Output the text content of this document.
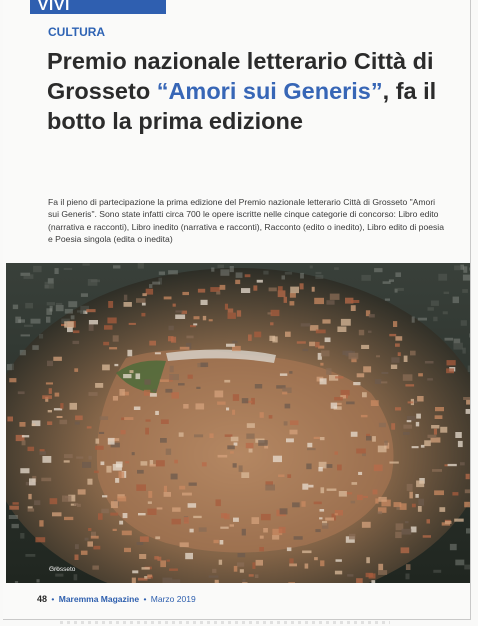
VIVI
CULTURA
Premio nazionale letterario Città di Grosseto “Amori sui Generis”, fa il botto la prima edizione

Fa il pieno di partecipazione la prima edizione del Premio nazionale letterario Città di Grosseto "Amori sui Generis". Sono state infatti circa 700 le opere iscritte nelle cinque categorie di concorso: Libro edito (narrativa e racconti), Libro inedito (narrativa e racconti), Racconto (edito o inedito), Libro edito di poesia e Poesia singola (edita o inedita)

Grosseto
48 • Maremma Magazine • Marzo 2019
